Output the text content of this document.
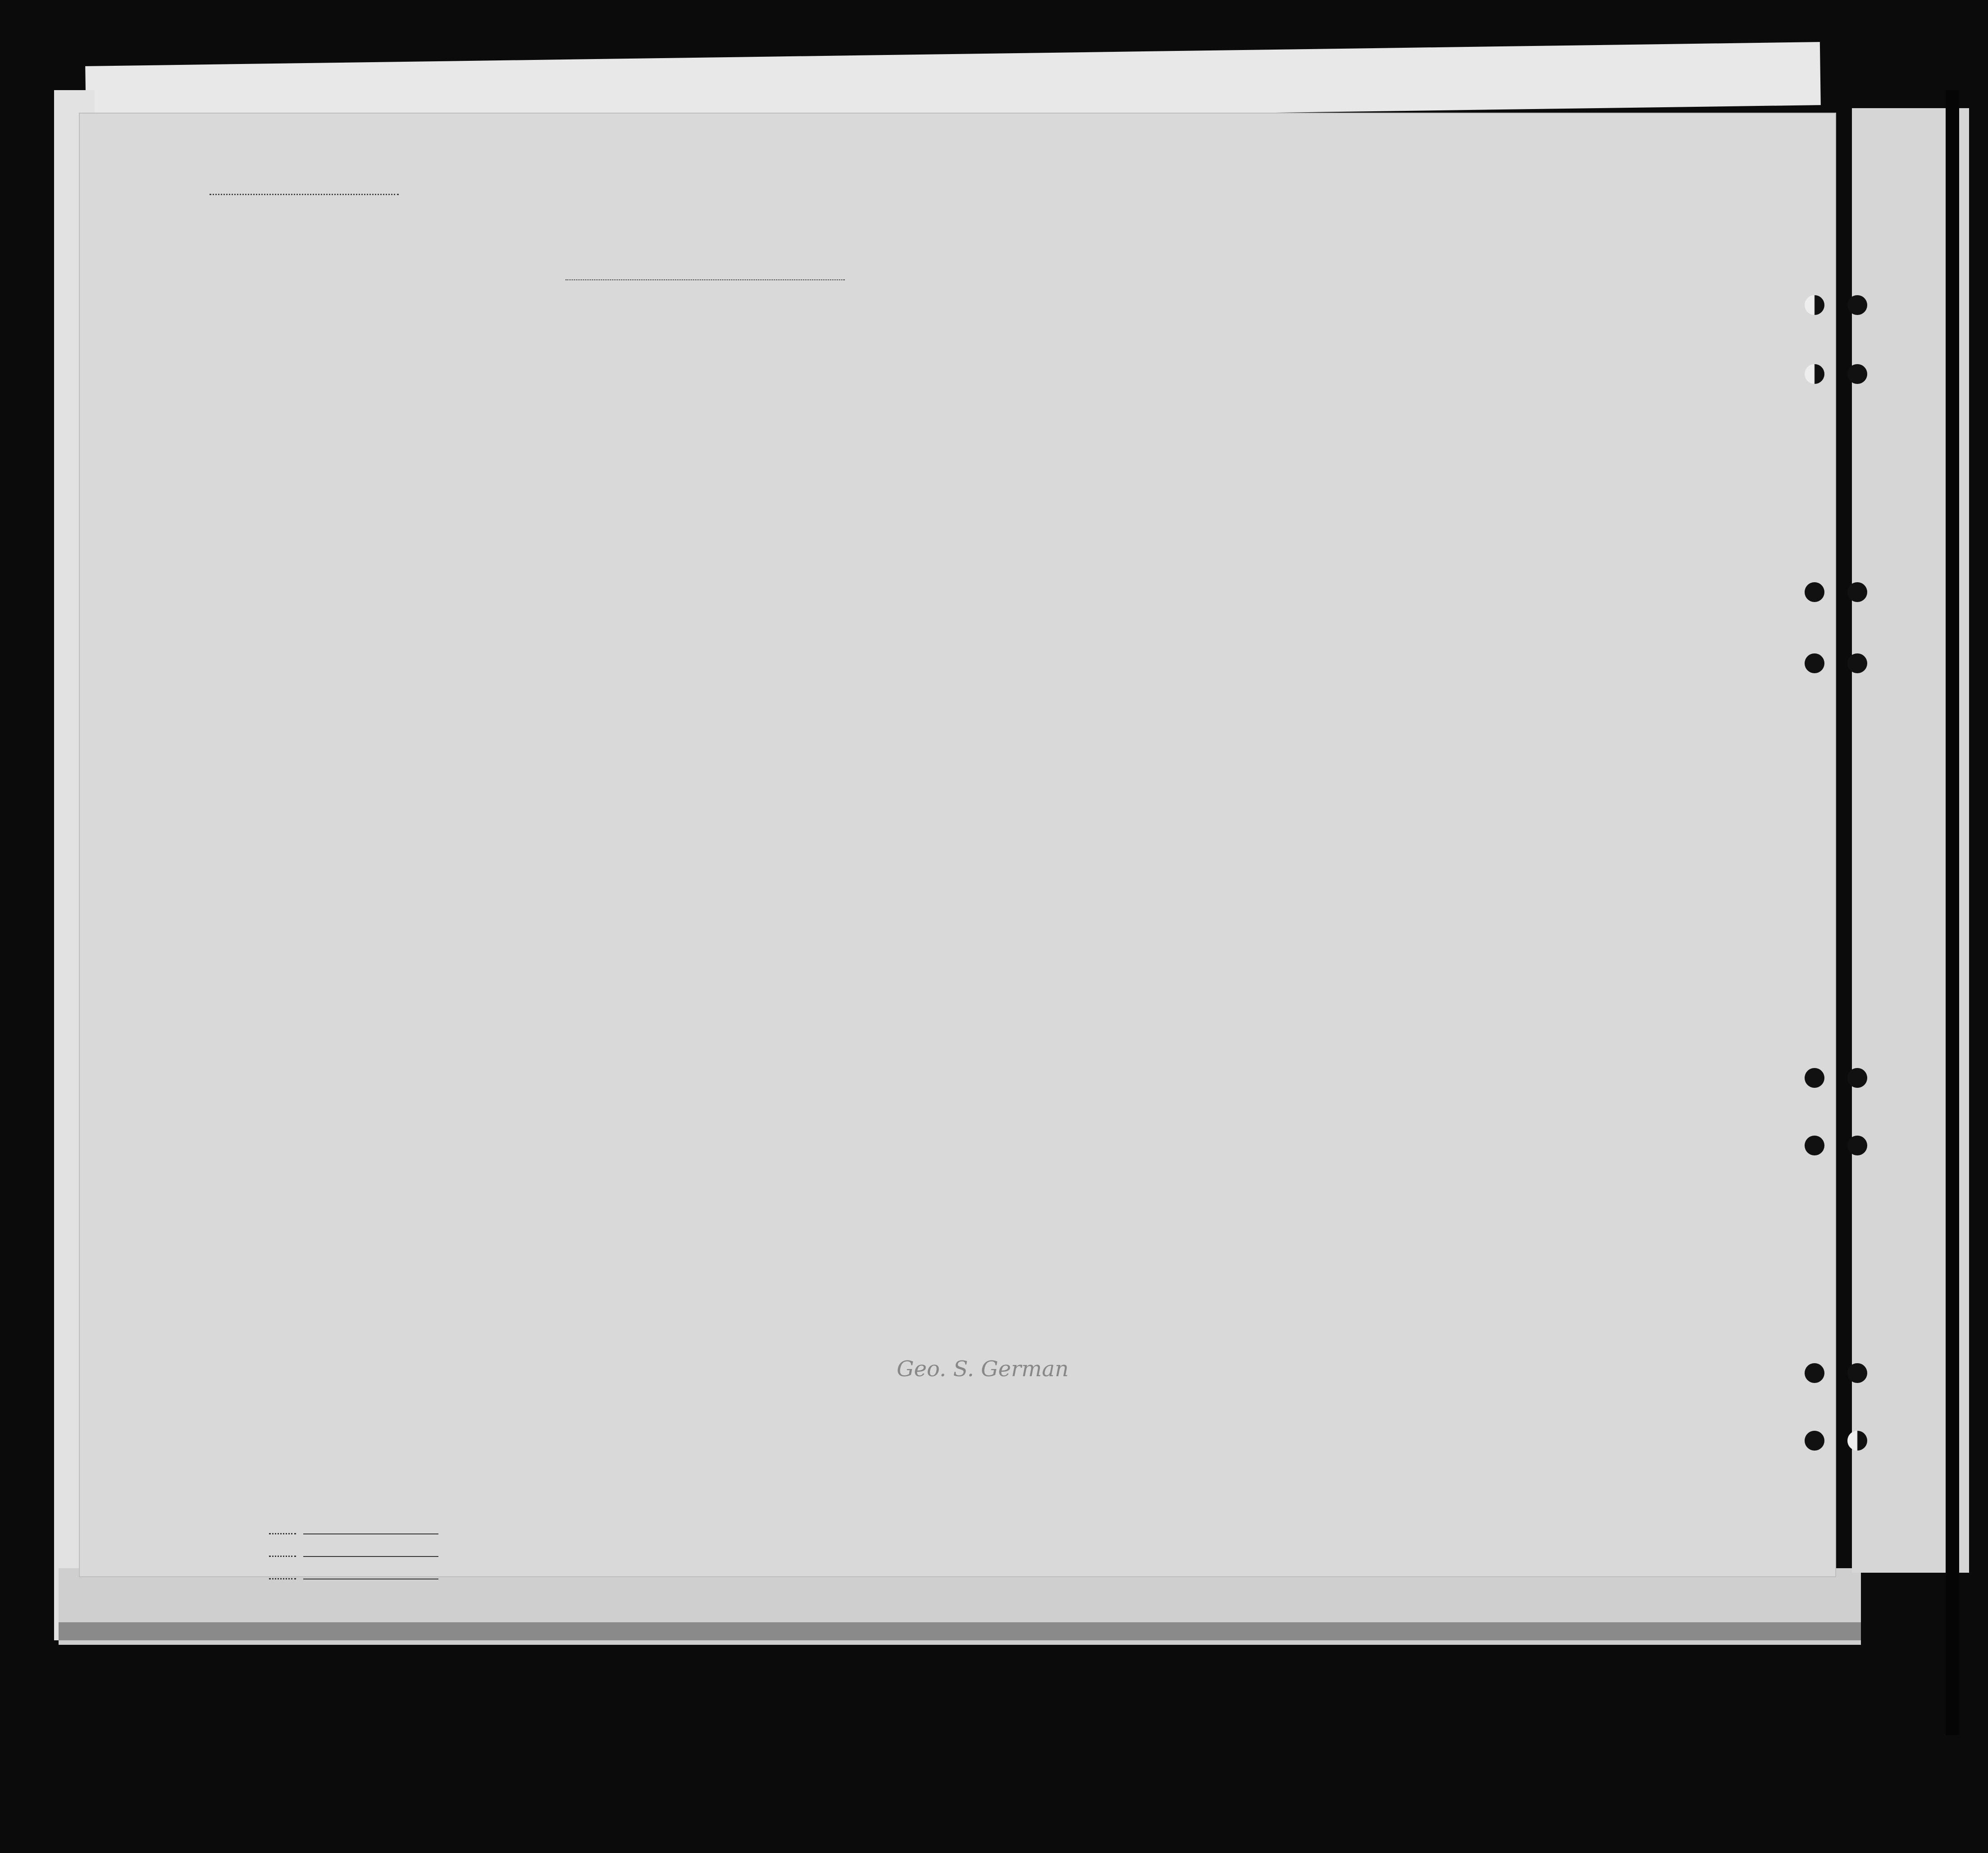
Geo. S. German
